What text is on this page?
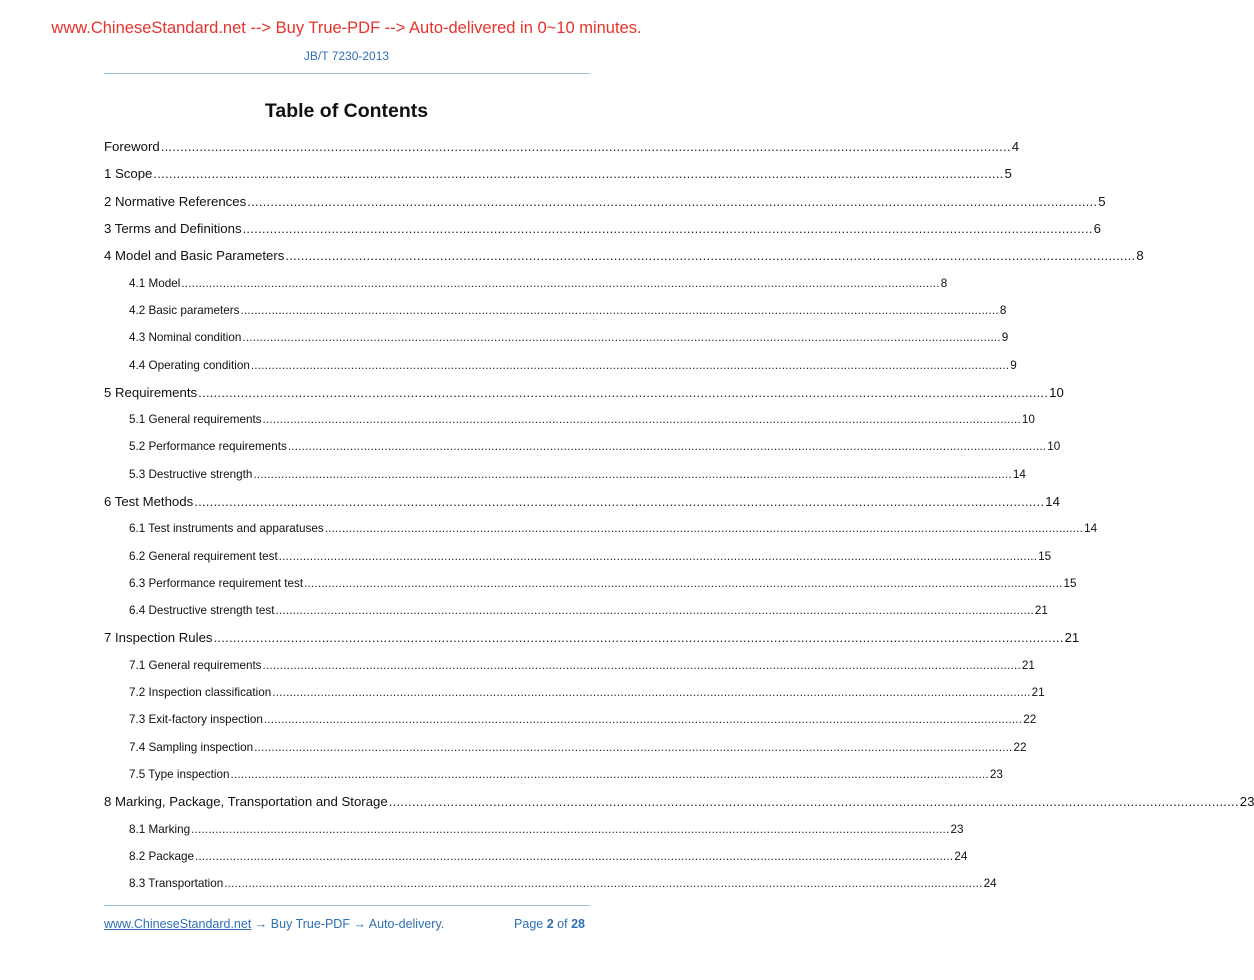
www.ChineseStandard.net --> Buy True-PDF --> Auto-delivered in 0~10 minutes.
JB/T 7230-2013
Table of Contents
Foreword ............................................................................................................................................................................................................................ 4
1 Scope ............................................................................................................................................................................................................................ 5
2 Normative References ............................................................................................................................................................................................................................ 5
3 Terms and Definitions ............................................................................................................................................................................................................................ 6
4 Model and Basic Parameters ............................................................................................................................................................................................................................ 8
4.1 Model ............................................................................................................................................................................................................................ 8
4.2 Basic parameters ............................................................................................................................................................................................................................ 8
4.3 Nominal condition ............................................................................................................................................................................................................................ 9
4.4 Operating condition ............................................................................................................................................................................................................................ 9
5 Requirements ............................................................................................................................................................................................................................ 10
5.1 General requirements ............................................................................................................................................................................................................................ 10
5.2 Performance requirements ............................................................................................................................................................................................................................ 10
5.3 Destructive strength ............................................................................................................................................................................................................................ 14
6 Test Methods ............................................................................................................................................................................................................................ 14
6.1 Test instruments and apparatuses ............................................................................................................................................................................................................................ 14
6.2 General requirement test ............................................................................................................................................................................................................................ 15
6.3 Performance requirement test ............................................................................................................................................................................................................................ 15
6.4 Destructive strength test ............................................................................................................................................................................................................................ 21
7 Inspection Rules ............................................................................................................................................................................................................................ 21
7.1 General requirements ............................................................................................................................................................................................................................ 21
7.2 Inspection classification ............................................................................................................................................................................................................................ 21
7.3 Exit-factory inspection ............................................................................................................................................................................................................................ 22
7.4 Sampling inspection ............................................................................................................................................................................................................................ 22
7.5 Type inspection ............................................................................................................................................................................................................................ 23
8 Marking, Package, Transportation and Storage ............................................................................................................................................................................................................................ 23
8.1 Marking ............................................................................................................................................................................................................................ 23
8.2 Package ............................................................................................................................................................................................................................ 24
8.3 Transportation ............................................................................................................................................................................................................................ 24
www.ChineseStandard.net → Buy True-PDF → Auto-delivery.	Page 2 of 28
